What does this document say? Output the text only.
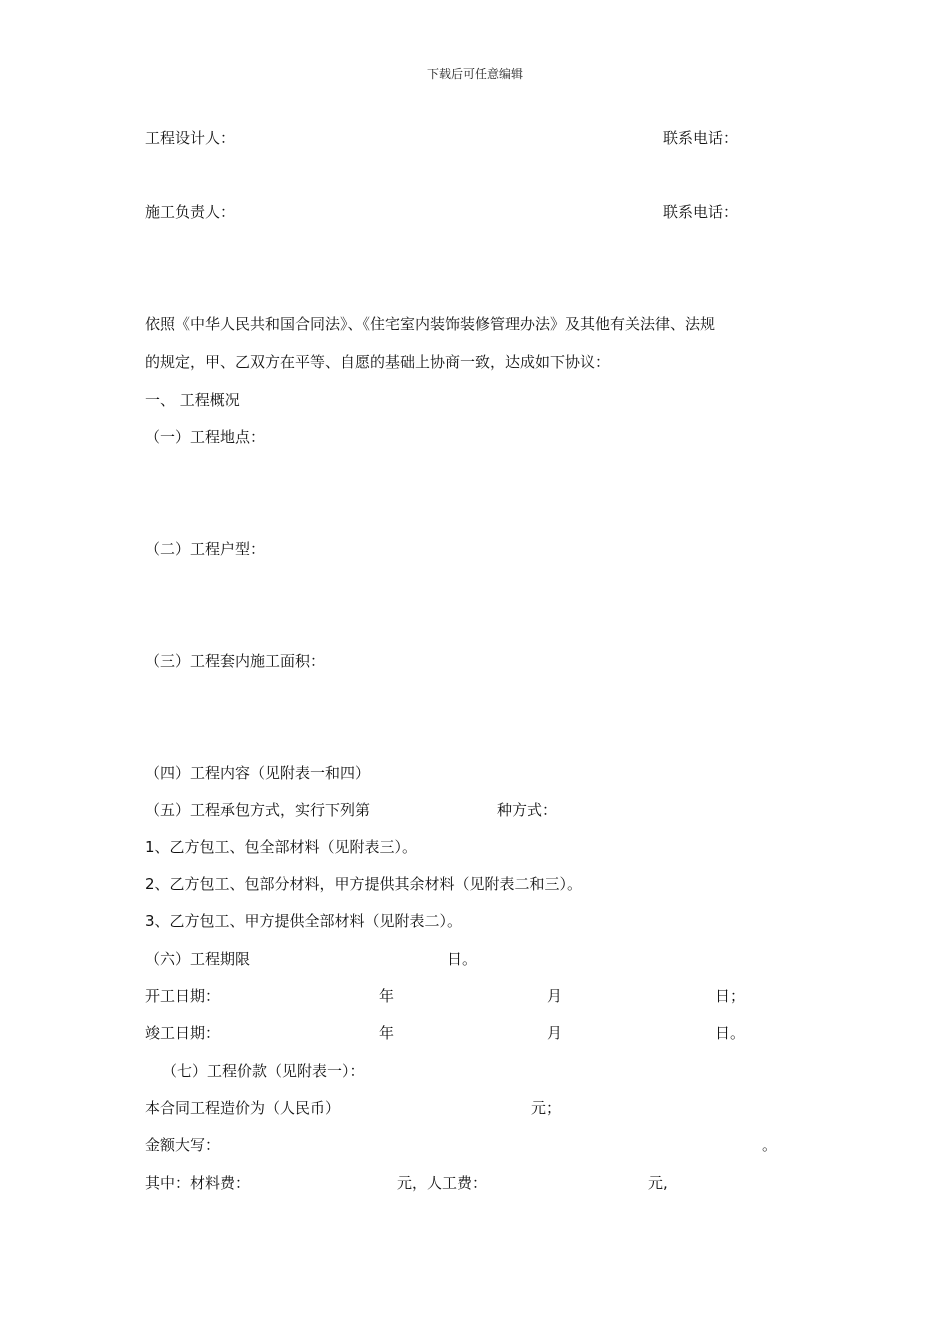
下载后可任意编辑
工程设计人：	联系电话：
施工负责人：	联系电话：
依照《中华人民共和国合同法》、《住宅室内装饰装修管理办法》及其他有关法律、法规
的规定，甲、乙双方在平等、自愿的基础上协商一致，达成如下协议：
一、 工程概况
（一）工程地点：
（二）工程户型：
（三）工程套内施工面积：
（四）工程内容（见附表一和四）
（五）工程承包方式，实行下列第	种方式：
1、乙方包工、包全部材料（见附表三）。
2、乙方包工、包部分材料，甲方提供其余材料（见附表二和三）。
3、乙方包工、甲方提供全部材料（见附表二）。
（六）工程期限	日。
开工日期：	年	月	日；
竣工日期：	年	月	日。
（七）工程价款（见附表一）：
本合同工程造价为（人民币）	元；
金额大写：	。
其中：材料费：	元，人工费：	元,
